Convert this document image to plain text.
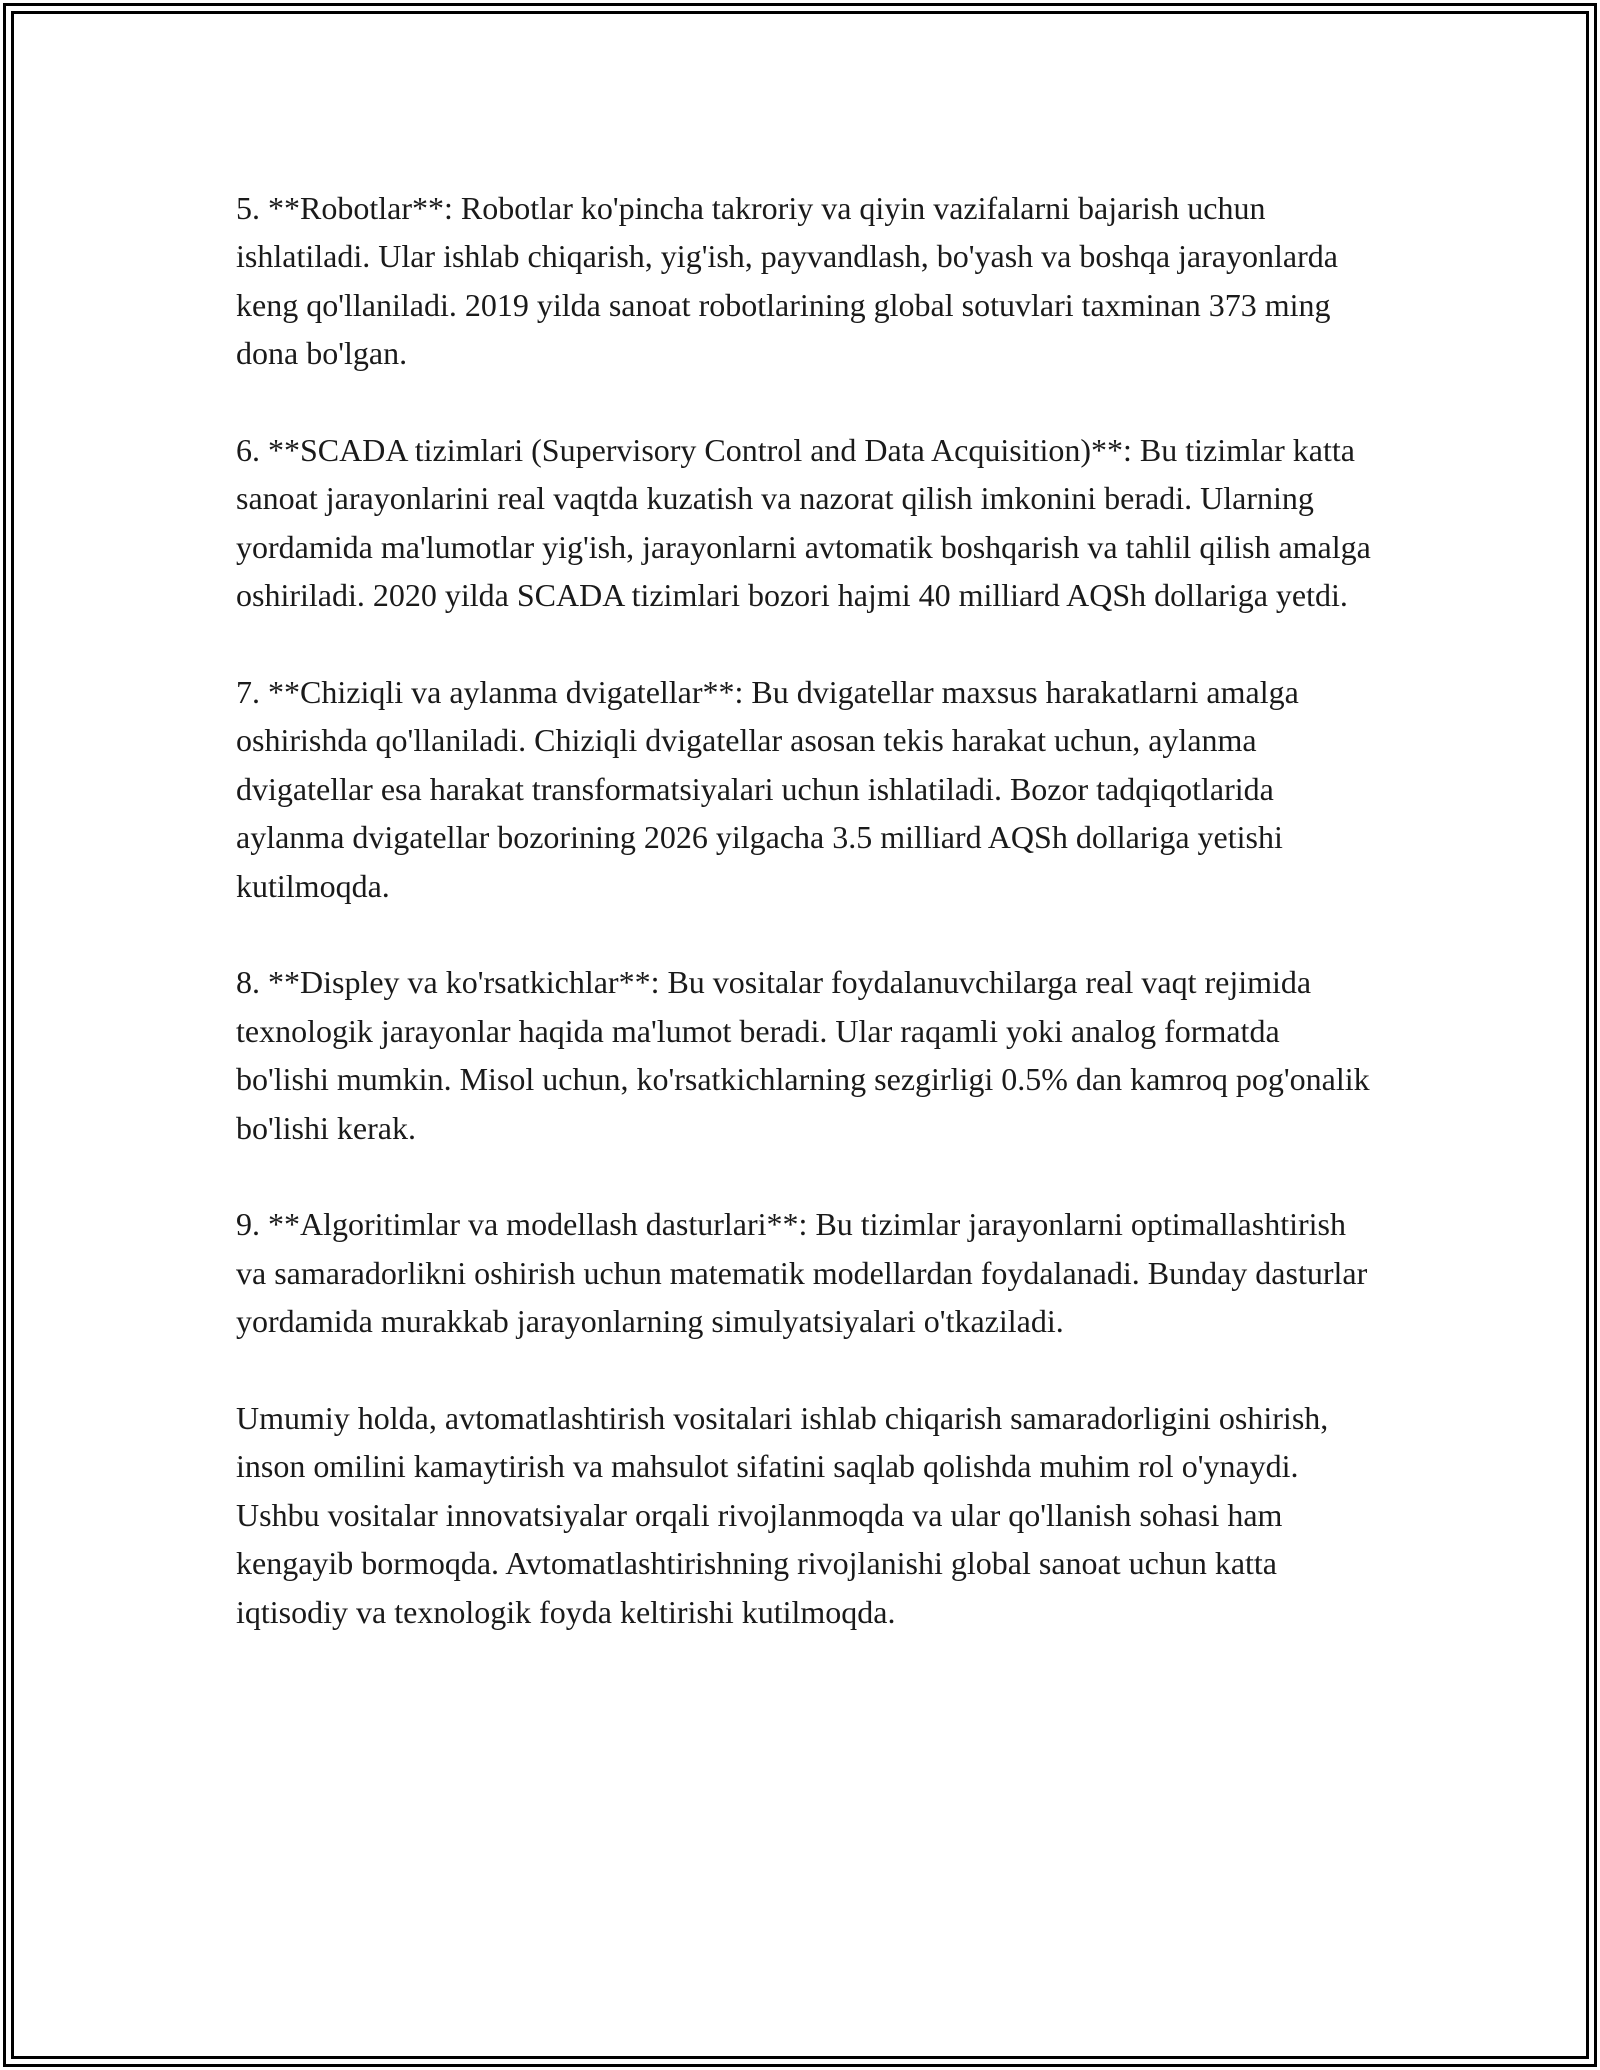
5. **Robotlar**: Robotlar ko'pincha takroriy va qiyin vazifalarni bajarish uchun ishlatiladi. Ular ishlab chiqarish, yig'ish, payvandlash, bo'yash va boshqa jarayonlarda keng qo'llaniladi. 2019 yilda sanoat robotlarining global sotuvlari taxminan 373 ming dona bo'lgan.

6. **SCADA tizimlari (Supervisory Control and Data Acquisition)**: Bu tizimlar katta sanoat jarayonlarini real vaqtda kuzatish va nazorat qilish imkonini beradi. Ularning yordamida ma'lumotlar yig'ish, jarayonlarni avtomatik boshqarish va tahlil qilish amalga oshiriladi. 2020 yilda SCADA tizimlari bozori hajmi 40 milliard AQSh dollariga yetdi.

7. **Chiziqli va aylanma dvigatellar**: Bu dvigatellar maxsus harakatlarni amalga oshirishda qo'llaniladi. Chiziqli dvigatellar asosan tekis harakat uchun, aylanma dvigatellar esa harakat transformatsiyalari uchun ishlatiladi. Bozor tadqiqotlarida aylanma dvigatellar bozorining 2026 yilgacha 3.5 milliard AQSh dollariga yetishi kutilmoqda.

8. **Displey va ko'rsatkichlar**: Bu vositalar foydalanuvchilarga real vaqt rejimida texnologik jarayonlar haqida ma'lumot beradi. Ular raqamli yoki analog formatda bo'lishi mumkin. Misol uchun, ko'rsatkichlarning sezgirligi 0.5% dan kamroq pog'onalik bo'lishi kerak.

9. **Algoritimlar va modellash dasturlari**: Bu tizimlar jarayonlarni optimallashtirish va samaradorlikni oshirish uchun matematik modellardan foydalanadi. Bunday dasturlar yordamida murakkab jarayonlarning simulyatsiyalari o'tkaziladi.

Umumiy holda, avtomatlashtirish vositalari ishlab chiqarish samaradorligini oshirish, inson omilini kamaytirish va mahsulot sifatini saqlab qolishda muhim rol o'ynaydi. Ushbu vositalar innovatsiyalar orqali rivojlanmoqda va ular qo'llanish sohasi ham kengayib bormoqda. Avtomatlashtirishning rivojlanishi global sanoat uchun katta iqtisodiy va texnologik foyda keltirishi kutilmoqda.
